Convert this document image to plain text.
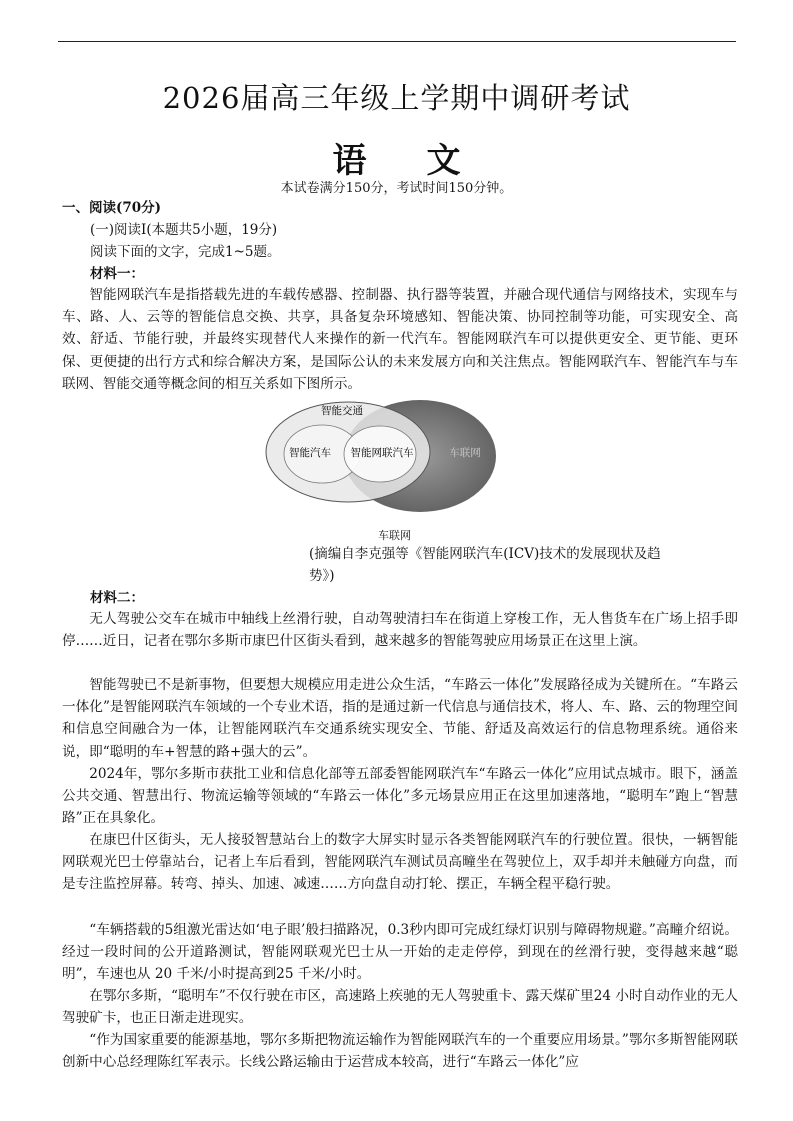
2026届高三年级上学期中调研考试
语 文
本试卷满分150分，考试时间150分钟。
一、阅读(70分)
(一)阅读Ⅰ(本题共5小题，19分)
阅读下面的文字，完成1~5题。
材料一：
智能网联汽车是指搭载先进的车载传感器、控制器、执行器等装置，并融合现代通信与网络技术，实现车与车、路、人、云等的智能信息交换、共享，具备复杂环境感知、智能决策、协同控制等功能，可实现安全、高效、舒适、节能行驶，并最终实现替代人来操作的新一代汽车。智能网联汽车可以提供更安全、更节能、更环保、更便捷的出行方式和综合解决方案，是国际公认的未来发展方向和关注焦点。智能网联汽车、智能汽车与车联网、智能交通等概念间的相互关系如下图所示。
智能交通
智能汽车 智能网联汽车	车联网
车联网
(摘编自李克强等《智能网联汽车(ICV)技术的发展现状及趋
势》)
材料二：
无人驾驶公交车在城市中轴线上丝滑行驶，自动驾驶清扫车在街道上穿梭工作，无人售货车在广场上招手即停……近日，记者在鄂尔多斯市康巴什区街头看到，越来越多的智能驾驶应用场景正在这里上演。
智能驾驶已不是新事物，但要想大规模应用走进公众生活，“车路云一体化”发展路径成为关键所在。“车路云一体化”是智能网联汽车领域的一个专业术语，指的是通过新一代信息与通信技术，将人、车、路、云的物理空间和信息空间融合为一体，让智能网联汽车交通系统实现安全、节能、舒适及高效运行的信息物理系统。通俗来说，即“聪明的车+智慧的路+强大的云”。
2024年，鄂尔多斯市获批工业和信息化部等五部委智能网联汽车“车路云一体化”应用试点城市。眼下，涵盖公共交通、智慧出行、物流运输等领域的“车路云一体化”多元场景应用正在这里加速落地，“聪明车”跑上“智慧路”正在具象化。
在康巴什区街头，无人接驳智慧站台上的数字大屏实时显示各类智能网联汽车的行驶位置。很快，一辆智能网联观光巴士停靠站台，记者上车后看到，智能网联汽车测试员高疃坐在驾驶位上，双手却并未触碰方向盘，而是专注监控屏幕。转弯、掉头、加速、减速……方向盘自动打轮、摆正，车辆全程平稳行驶。
“车辆搭载的5组激光雷达如‘电子眼’般扫描路况，0.3秒内即可完成红绿灯识别与障碍物规避。”高疃介绍说。经过一段时间的公开道路测试，智能网联观光巴士从一开始的走走停停，到现在的丝滑行驶，变得越来越“聪明”，车速也从 20 千米/小时提高到25 千米/小时。
在鄂尔多斯，“聪明车”不仅行驶在市区，高速路上疾驰的无人驾驶重卡、露天煤矿里24 小时自动作业的无人驾驶矿卡，也正日渐走进现实。
“作为国家重要的能源基地，鄂尔多斯把物流运输作为智能网联汽车的一个重要应用场景。”鄂尔多斯智能网联创新中心总经理陈红军表示。长线公路运输由于运营成本较高，进行“车路云一体化”应
